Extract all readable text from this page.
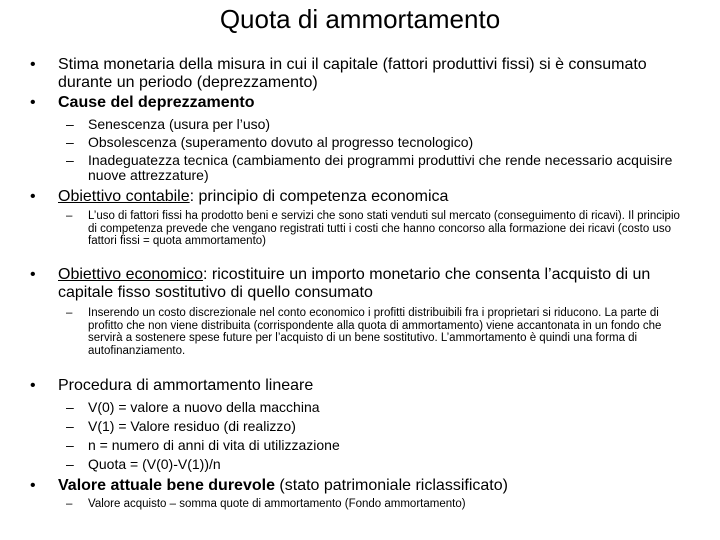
Quota di ammortamento
• Stima monetaria della misura in cui il capitale (fattori produttivi fissi) si è consumato durante un periodo (deprezzamento)
• Cause del deprezzamento
– Senescenza (usura per l’uso)
– Obsolescenza (superamento dovuto al progresso tecnologico)
– Inadeguatezza tecnica (cambiamento dei programmi produttivi che rende necessario acquisire nuove attrezzature)
• Obiettivo contabile: principio di competenza economica
– L’uso di fattori fissi ha prodotto beni e servizi che sono stati venduti sul mercato (conseguimento di ricavi). Il principio di competenza prevede che vengano registrati tutti i costi che hanno concorso alla formazione dei ricavi (costo uso fattori fissi = quota ammortamento)
• Obiettivo economico: ricostituire un importo monetario che consenta l’acquisto di un capitale fisso sostitutivo di quello consumato
– Inserendo un costo discrezionale nel conto economico i profitti distribuibili fra i proprietari si riducono. La parte di profitto che non viene distribuita (corrispondente alla quota di ammortamento) viene accantonata in un fondo che servirà a sostenere spese future per l’acquisto di un bene sostitutivo. L’ammortamento è quindi una forma di autofinanziamento.
• Procedura di ammortamento lineare
– V(0) = valore a nuovo della macchina
– V(1) = Valore residuo (di realizzo)
– n = numero di anni di vita di utilizzazione
– Quota = (V(0)-V(1))/n
• Valore attuale bene durevole (stato patrimoniale riclassificato)
– Valore acquisto – somma quote di ammortamento (Fondo ammortamento)
